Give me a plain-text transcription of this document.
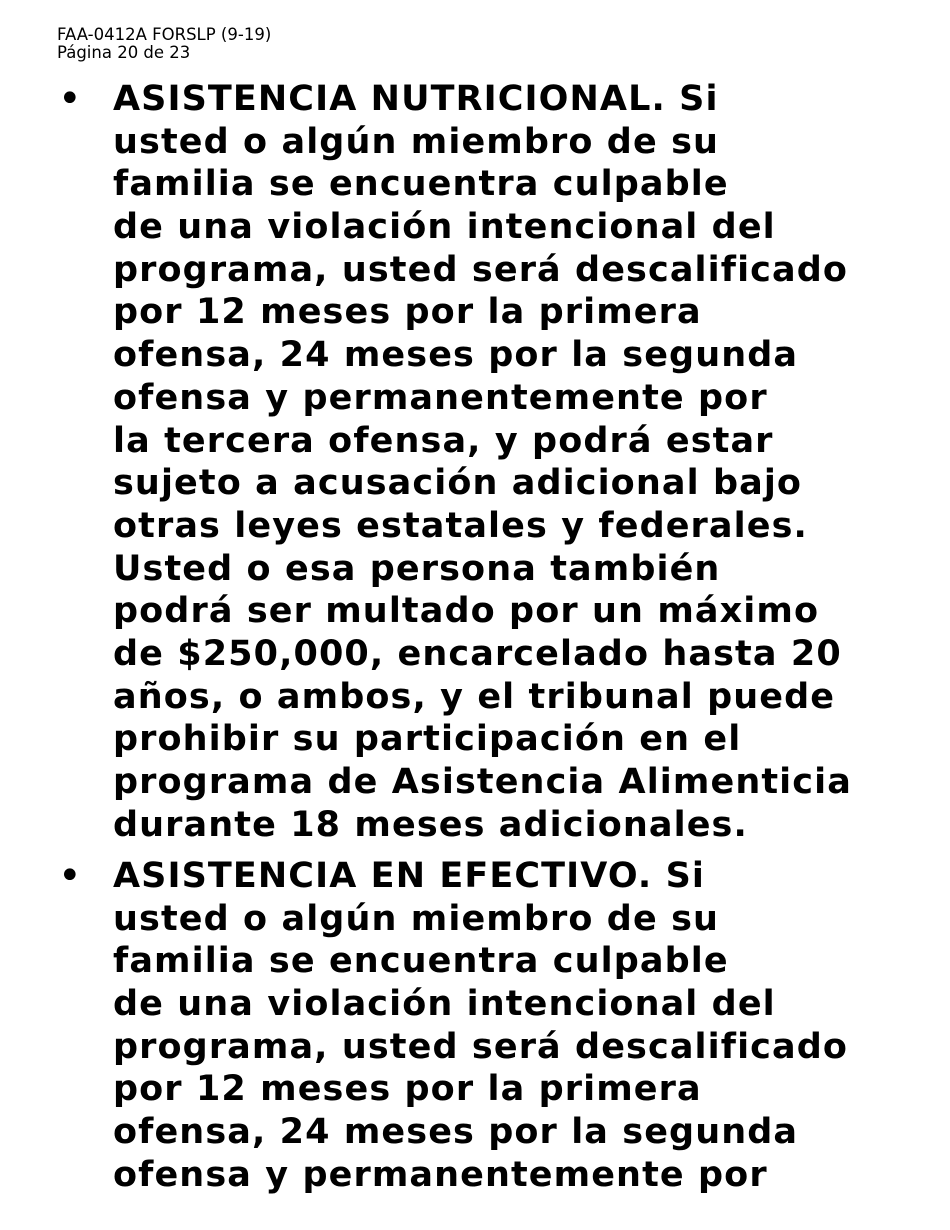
FAA-0412A FORSLP (9-19)
Página 20 de 23
• ASISTENCIA NUTRICIONAL. Si
usted o algún miembro de su
familia se encuentra culpable
de una violación intencional del
programa, usted será descalificado
por 12 meses por la primera
ofensa, 24 meses por la segunda
ofensa y permanentemente por
la tercera ofensa, y podrá estar
sujeto a acusación adicional bajo
otras leyes estatales y federales.
Usted o esa persona también
podrá ser multado por un máximo
de $250,000, encarcelado hasta 20
años, o ambos, y el tribunal puede
prohibir su participación en el
programa de Asistencia Alimenticia
durante 18 meses adicionales.
• ASISTENCIA EN EFECTIVO. Si
usted o algún miembro de su
familia se encuentra culpable
de una violación intencional del
programa, usted será descalificado
por 12 meses por la primera
ofensa, 24 meses por la segunda
ofensa y permanentemente por
